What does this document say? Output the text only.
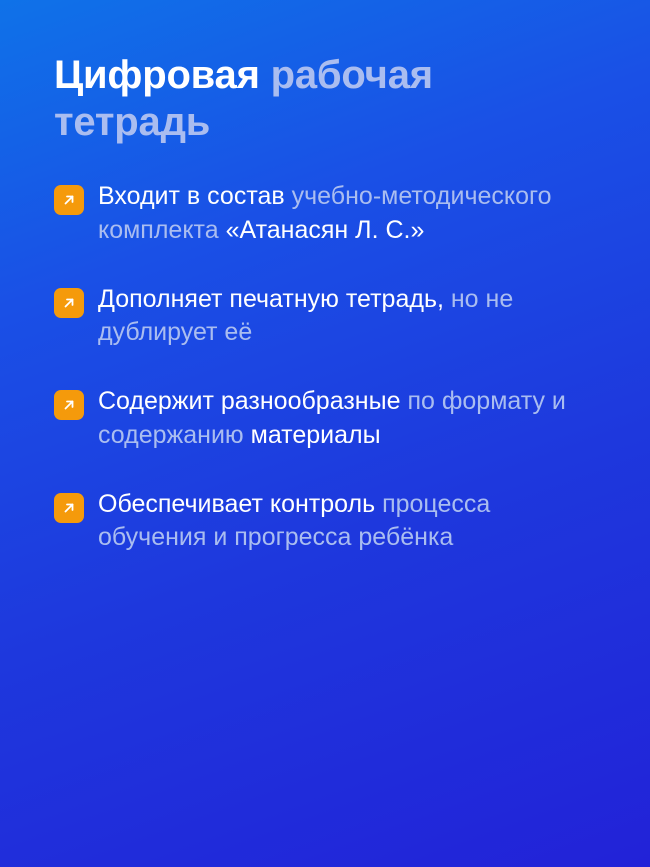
Цифровая рабочая тетрадь
Входит в состав учебно-методического комплекта «Атанасян Л. С.»
Дополняет печатную тетрадь, но не дублирует её
Содержит разнообразные по формату и содержанию материалы
Обеспечивает контроль процесса обучения и прогресса ребёнка
